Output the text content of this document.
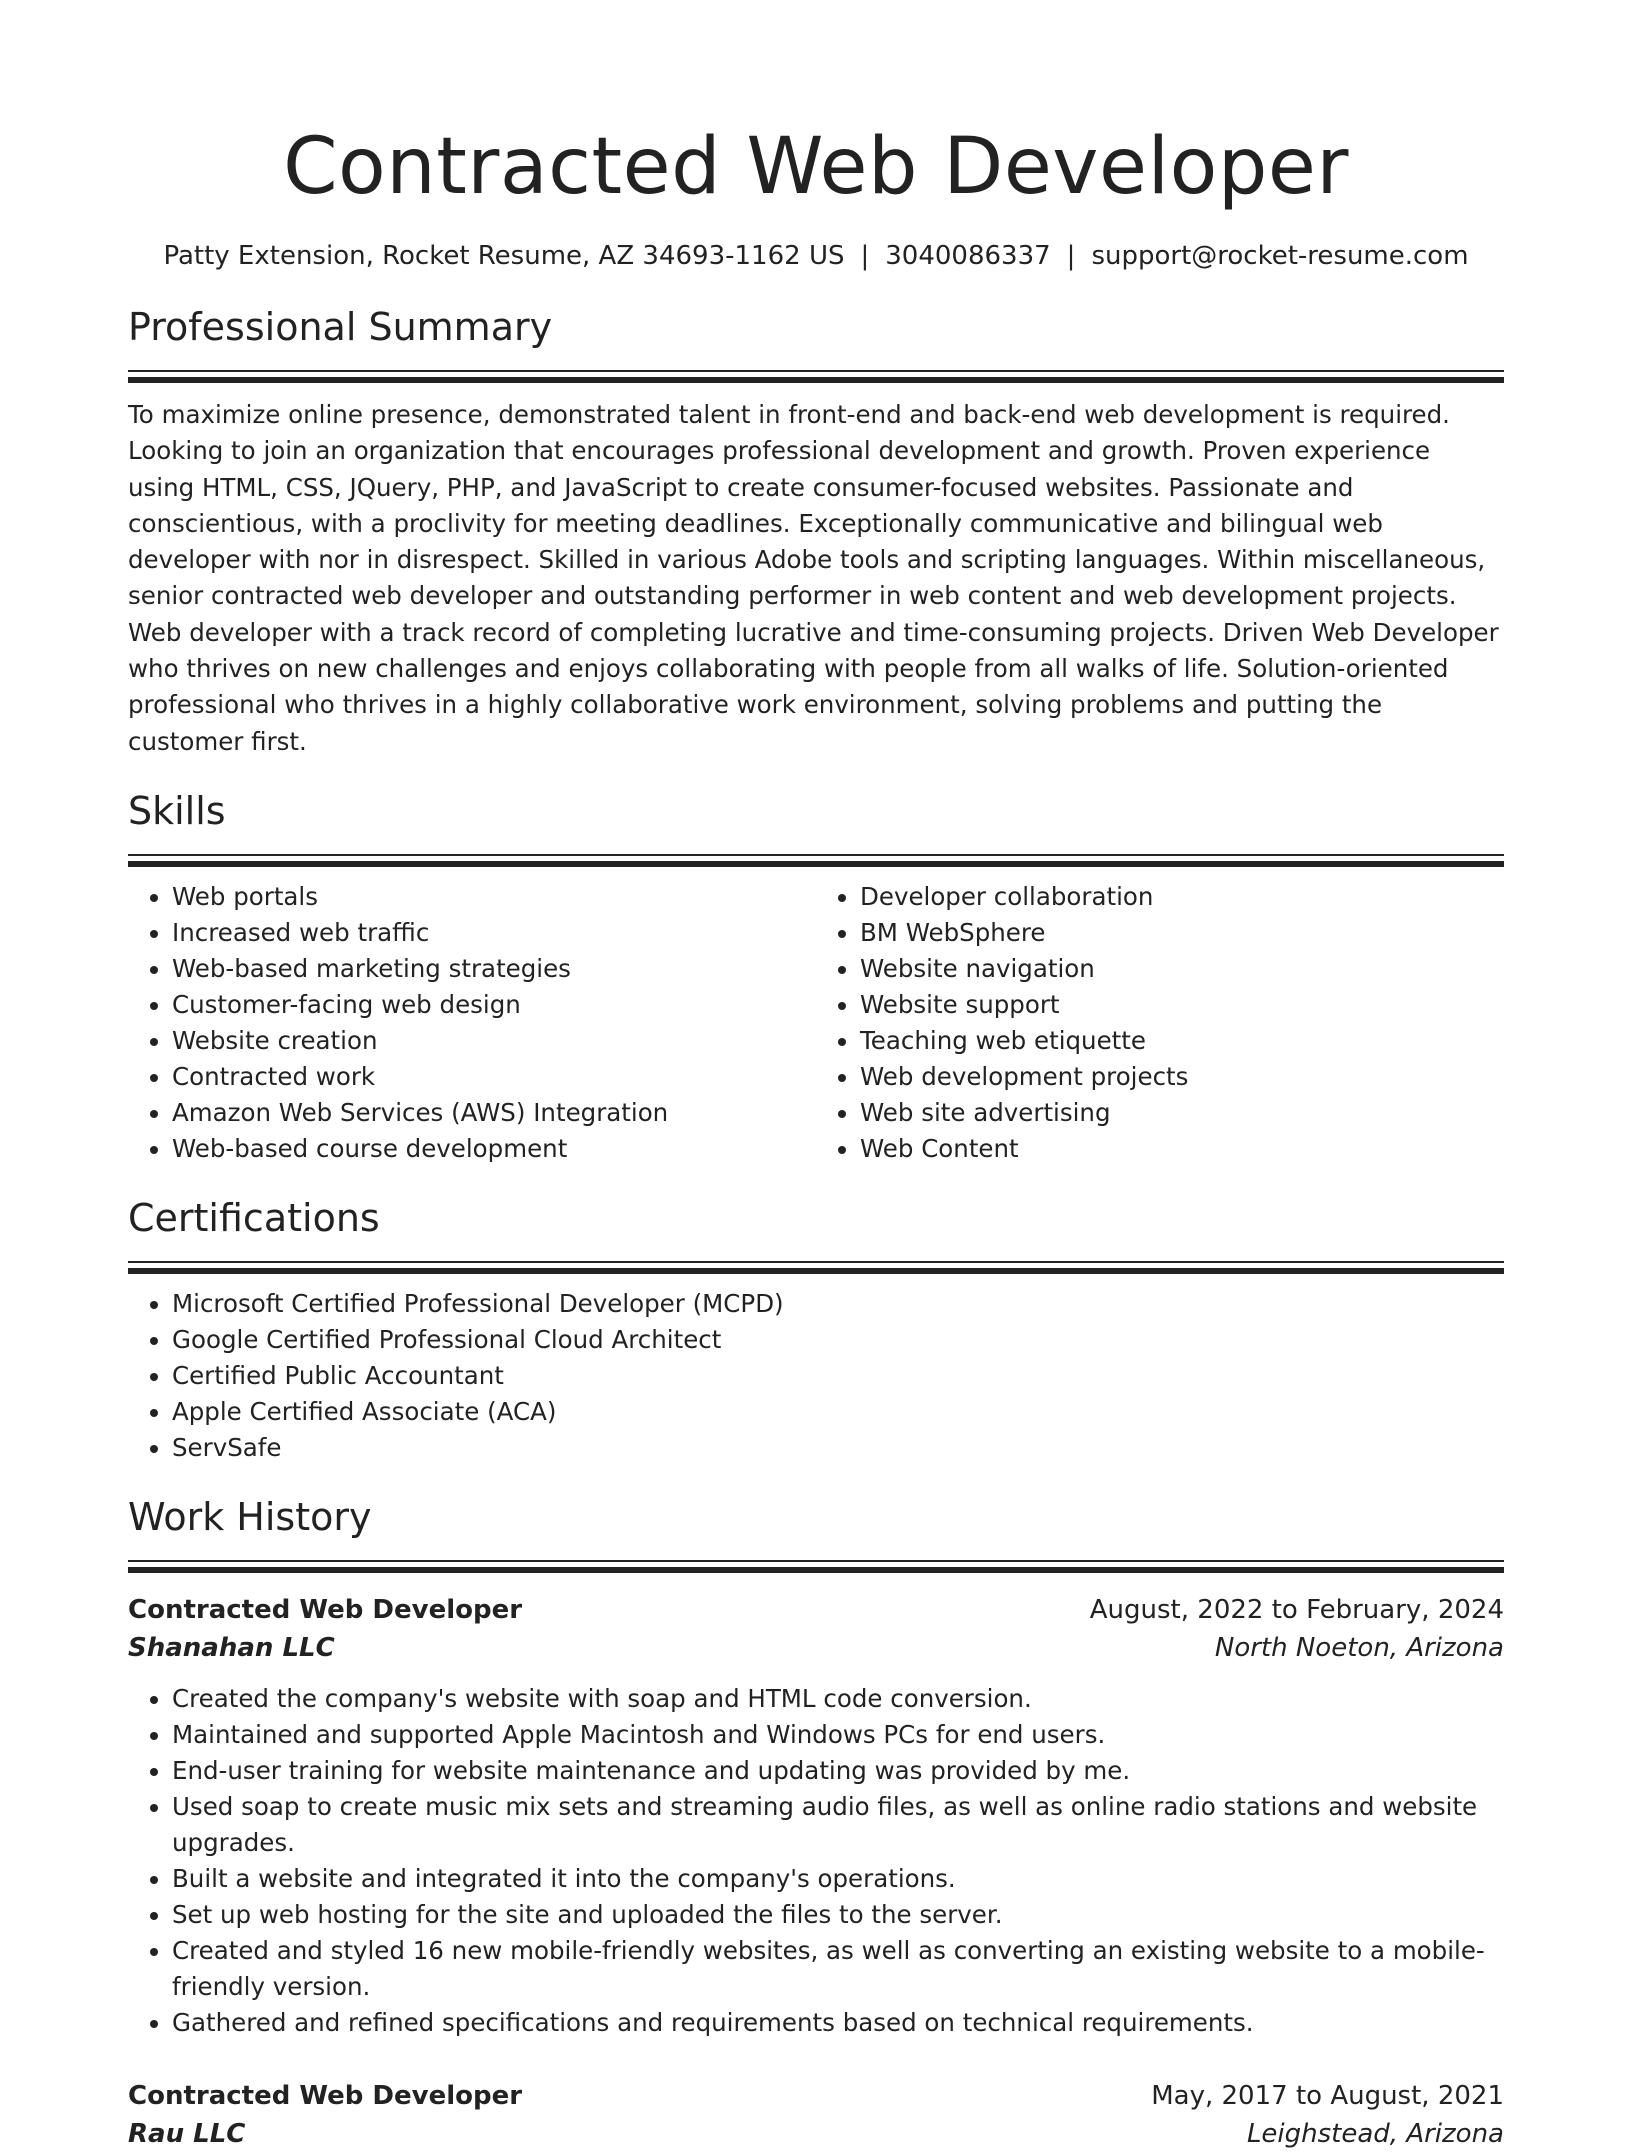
Contracted Web Developer
Patty Extension, Rocket Resume, AZ 34693-1162 US | 3040086337 | support@rocket-resume.com
Professional Summary
To maximize online presence, demonstrated talent in front-end and back-end web development is required. Looking to join an organization that encourages professional development and growth. Proven experience using HTML, CSS, JQuery, PHP, and JavaScript to create consumer-focused websites. Passionate and conscientious, with a proclivity for meeting deadlines. Exceptionally communicative and bilingual web developer with nor in disrespect. Skilled in various Adobe tools and scripting languages. Within miscellaneous, senior contracted web developer and outstanding performer in web content and web development projects. Web developer with a track record of completing lucrative and time-consuming projects. Driven Web Developer who thrives on new challenges and enjoys collaborating with people from all walks of life. Solution-oriented professional who thrives in a highly collaborative work environment, solving problems and putting the customer first.
Skills
• Web portals
• Increased web traffic
• Web-based marketing strategies
• Customer-facing web design
• Website creation
• Contracted work
• Amazon Web Services (AWS) Integration
• Web-based course development
• Developer collaboration
• BM WebSphere
• Website navigation
• Website support
• Teaching web etiquette
• Web development projects
• Web site advertising
• Web Content
Certifications
• Microsoft Certified Professional Developer (MCPD)
• Google Certified Professional Cloud Architect
• Certified Public Accountant
• Apple Certified Associate (ACA)
• ServSafe
Work History
Contracted Web Developer	August, 2022 to February, 2024
Shanahan LLC	North Noeton, Arizona
• Created the company's website with soap and HTML code conversion.
• Maintained and supported Apple Macintosh and Windows PCs for end users.
• End-user training for website maintenance and updating was provided by me.
• Used soap to create music mix sets and streaming audio files, as well as online radio stations and website upgrades.
• Built a website and integrated it into the company's operations.
• Set up web hosting for the site and uploaded the files to the server.
• Created and styled 16 new mobile-friendly websites, as well as converting an existing website to a mobile-friendly version.
• Gathered and refined specifications and requirements based on technical requirements.
Contracted Web Developer	May, 2017 to August, 2021
Rau LLC	Leighstead, Arizona
